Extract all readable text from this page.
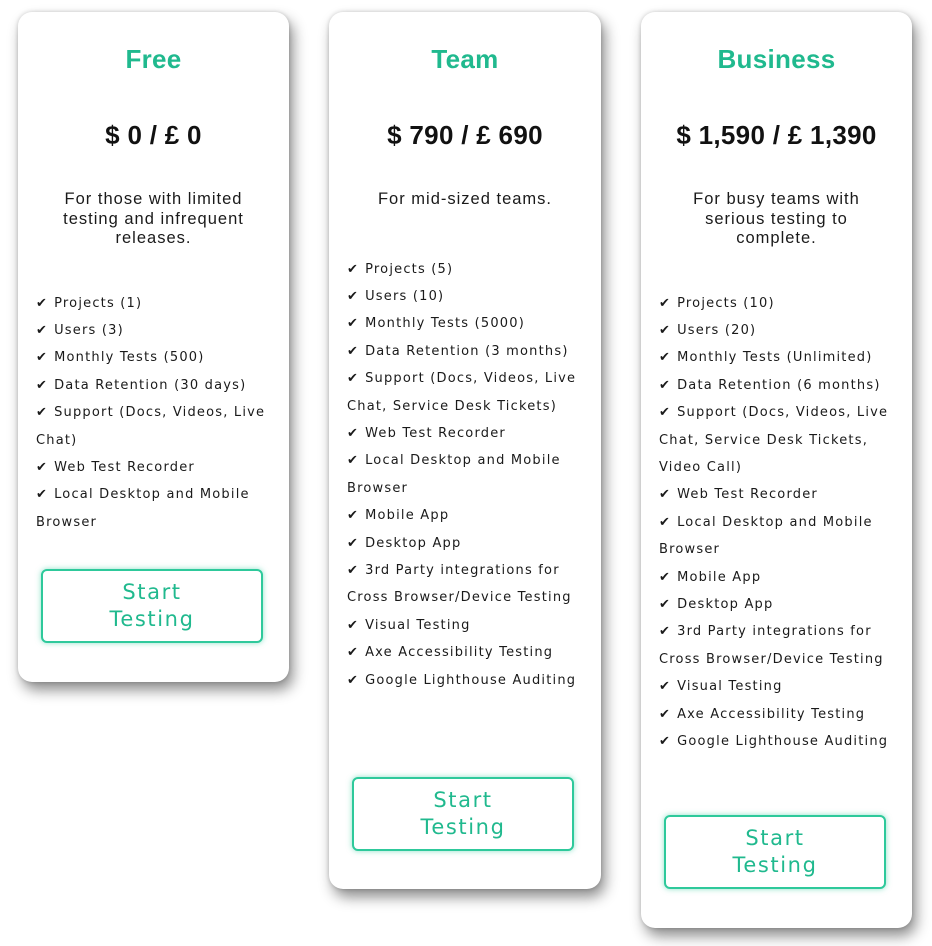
Free
$ 0 / £ 0

For those with limited testing and infrequent releases.

✔ Projects (1)
✔ Users (3)
✔ Monthly Tests (500)
✔ Data Retention (30 days)
✔ Support (Docs, Videos, Live Chat)
✔ Web Test Recorder
✔ Local Desktop and Mobile Browser
Start Testing
Team
$ 790 / £ 690

For mid-sized teams.

✔ Projects (5)
✔ Users (10)
✔ Monthly Tests (5000)
✔ Data Retention (3 months)
✔ Support (Docs, Videos, Live Chat, Service Desk Tickets)
✔ Web Test Recorder
✔ Local Desktop and Mobile Browser
✔ Mobile App
✔ Desktop App
✔ 3rd Party integrations for Cross Browser/Device Testing
✔ Visual Testing
✔ Axe Accessibility Testing
✔ Google Lighthouse Auditing
Start Testing
Business
$ 1,590 / £ 1,390

For busy teams with serious testing to complete.

✔ Projects (10)
✔ Users (20)
✔ Monthly Tests (Unlimited)
✔ Data Retention (6 months)
✔ Support (Docs, Videos, Live Chat, Service Desk Tickets, Video Call)
✔ Web Test Recorder
✔ Local Desktop and Mobile Browser
✔ Mobile App
✔ Desktop App
✔ 3rd Party integrations for Cross Browser/Device Testing
✔ Visual Testing
✔ Axe Accessibility Testing
✔ Google Lighthouse Auditing
Start Testing
